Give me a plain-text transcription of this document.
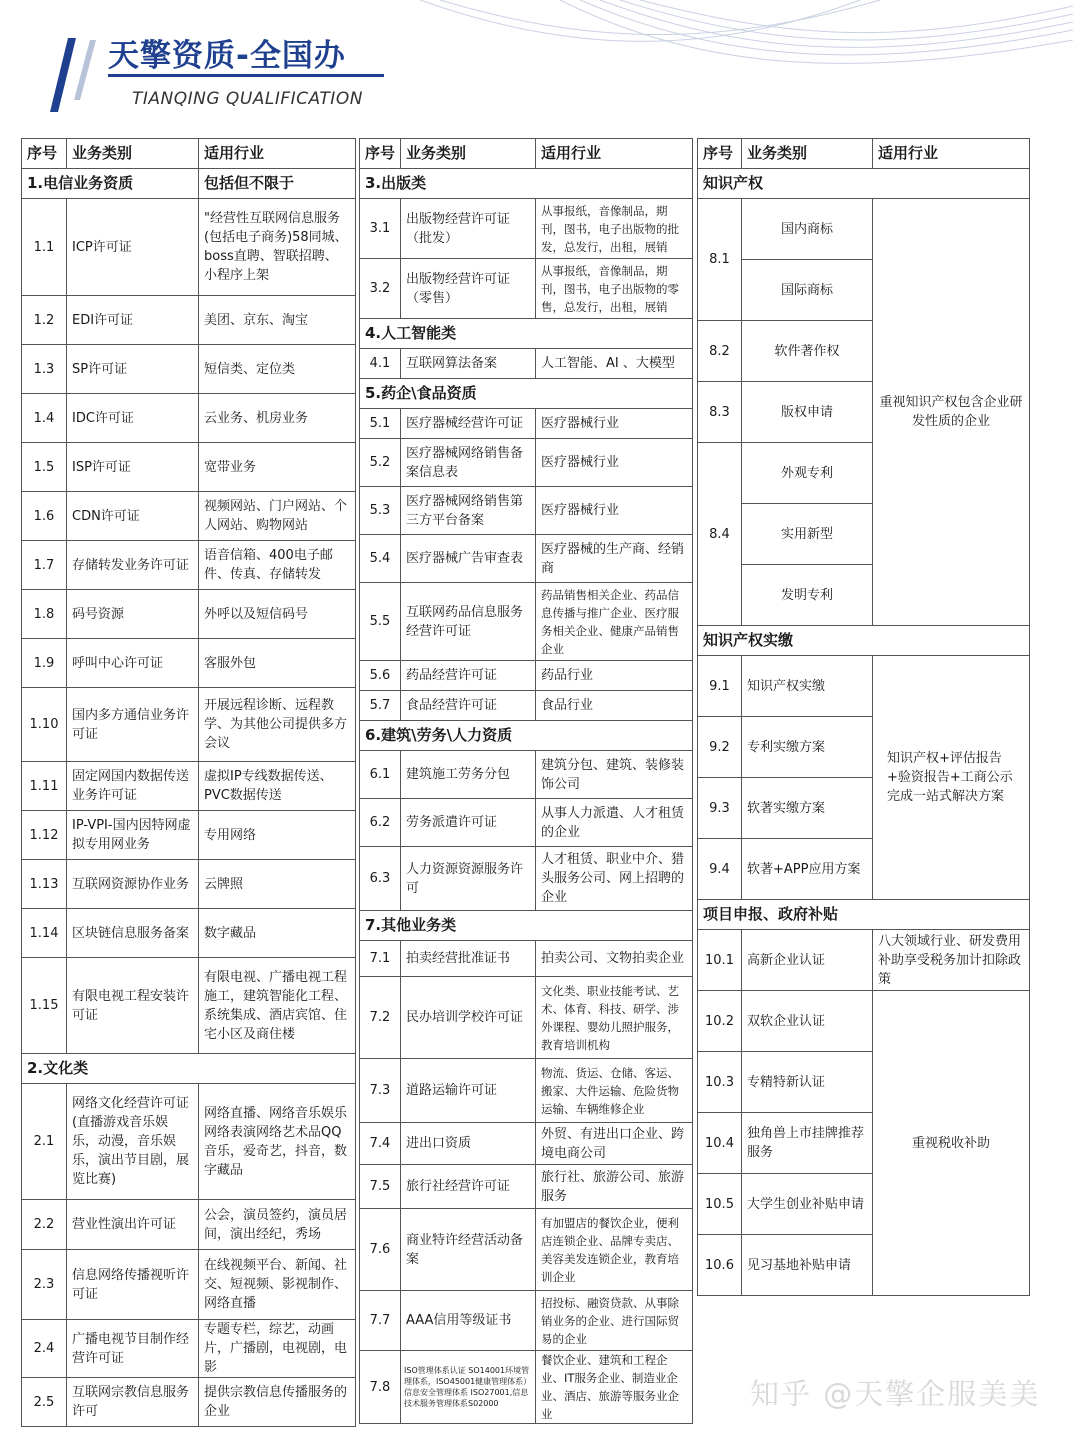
天擎资质-全国办
TIANQING QUALIFICATION
序号	业务类别	适用行业
1.电信业务资质		包括但不限于
1.1	ICP许可证	"经营性互联网信息服务(包括电子商务)58同城、boss直聘、智联招聘、小程序上架
1.2	EDI许可证	美团、京东、淘宝
1.3	SP许可证	短信类、定位类
1.4	IDC许可证	云业务、机房业务
1.5	ISP许可证	宽带业务
1.6	CDN许可证	视频网站、门户网站、个人网站、购物网站
1.7	存储转发业务许可证	语音信箱、400电子邮件、传真、存储转发
1.8	码号资源	外呼以及短信码号
1.9	呼叫中心许可证	客服外包
1.10	国内多方通信业务许可证	开展远程诊断、远程教学、为其他公司提供多方会议
1.11	固定网国内数据传送业务许可证	虚拟IP专线数据传送、PVC数据传送
1.12	IP-VPI-国内因特网虚拟专用网业务	专用网络
1.13	互联网资源协作业务	云牌照
1.14	区块链信息服务备案	数字藏品
1.15	有限电视工程安装许可证	有限电视、广播电视工程施工，建筑智能化工程、系统集成、酒店宾馆、住宅小区及商住楼
2.文化类		
2.1	网络文化经营许可证(直播游戏音乐娱乐，动漫，音乐娱乐，演出节目剧，展览比赛)	网络直播、网络音乐娱乐网络表演网络艺术品QQ音乐，爱奇艺，抖音，数字藏品
2.2	营业性演出许可证	公会，演员签约，演员居间，演出经纪，秀场
2.3	信息网络传播视听许可证	在线视频平台、新闻、社交、短视频、影视制作、网络直播
2.4	广播电视节目制作经营许可证	专题专栏，综艺，动画片，广播剧，电视剧，电影
2.5	互联网宗教信息服务许可	提供宗教信息传播服务的企业
序号	业务类别	适用行业
3.出版类		
3.1	出版物经营许可证（批发）	从事报纸，音像制品，期刊，图书，电子出版物的批发，总发行，出租，展销
3.2	出版物经营许可证（零售）	从事报纸，音像制品，期刊，图书，电子出版物的零售，总发行，出租，展销
4.人工智能类		
4.1	互联网算法备案	人工智能、AI 、大模型
5.药企\食品资质		
5.1	医疗器械经营许可证	医疗器械行业
5.2	医疗器械网络销售备案信息表	医疗器械行业
5.3	医疗器械网络销售第三方平台备案	医疗器械行业
5.4	医疗器械广告审查表	医疗器械的生产商、经销商
5.5	互联网药品信息服务经营许可证	药品销售相关企业、药品信息传播与推广企业、医疗服务相关企业、健康产品销售企业
5.6	药品经营许可证	药品行业
5.7	食品经营许可证	食品行业
6.建筑\劳务\人力资质		
6.1	建筑施工劳务分包	建筑分包、建筑、装修装饰公司
6.2	劳务派遣许可证	从事人力派遣、人才租赁的企业
6.3	人力资源资源服务许可	人才租赁、职业中介、猎头服务公司、网上招聘的企业
7.其他业务类		
7.1	拍卖经营批准证书	拍卖公司、文物拍卖企业
7.2	民办培训学校许可证	文化类、职业技能考试、艺术、体育、科技、研学、涉外课程、婴幼儿照护服务，教育培训机构
7.3	道路运输许可证	物流、货运、仓储、客运、搬家、大件运输、危险货物运输、车辆维修企业
7.4	进出口资质	外贸、有进出口企业、跨境电商公司
7.5	旅行社经营许可证	旅行社、旅游公司、旅游服务
7.6	商业特许经营活动备案	有加盟店的餐饮企业，便利店连锁企业、品牌专卖店、美容美发连锁企业，教育培训企业
7.7	AAA信用等级证书	招投标、融资贷款、从事除销业务的企业、进行国际贸易的企业
7.8	ISO管理体系认证 SO14001环境管理体系，ISO45001健康管理体系）信息安全管理体系 ISO27001,信息技术服务管理体系S02000	餐饮企业、建筑和工程企业、IT服务企业、制造业企业、酒店、旅游等服务业企业
序号	业务类别	适用行业
知识产权		
8.1	国内商标	重视知识产权包含企业研发性质的企业
	国际商标	
8.2	软件著作权	
8.3	版权申请	
8.4	外观专利	
	实用新型	
	发明专利	
知识产权实缴		
9.1	知识产权实缴	知识产权+评估报告+验资报告+工商公示完成一站式解决方案
9.2	专利实缴方案	
9.3	软著实缴方案	
9.4	软著+APP应用方案	
项目申报、政府补贴		
10.1	高新企业认证	八大领域行业、研发费用补助享受税务加计扣除政策
10.2	双软企业认证	重视税收补助
10.3	专精特新认证	
10.4	独角兽上市挂牌推荐服务	
10.5	大学生创业补贴申请	
10.6	见习基地补贴申请	
知乎 @天擎企服美美
